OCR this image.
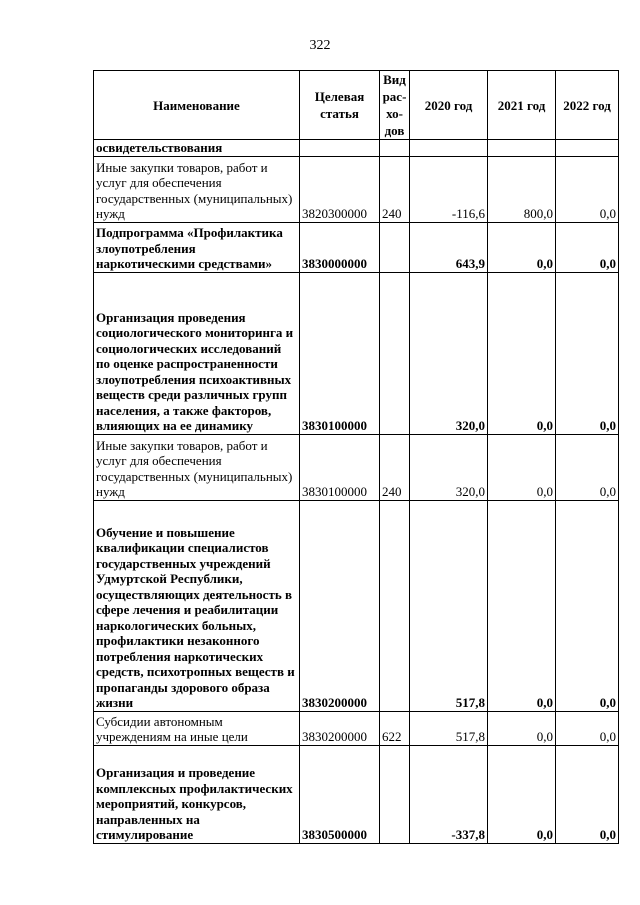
322
Наименование	Целевая статья	Вид рас-хо-дов	2020 год	2021 год	2022 год
освидетельствования					
Иные закупки товаров, работ и услуг для обеспечения государственных (муниципальных) нужд	3820300000	240	-116,6	800,0	0,0
Подпрограмма «Профилактика злоупотребления наркотическими средствами»	3830000000		643,9	0,0	0,0
Организация проведения социологического мониторинга и социологических исследований по оценке распространенности злоупотребления психоактивных веществ среди различных групп населения, а также факторов, влияющих на ее динамику	3830100000		320,0	0,0	0,0
Иные закупки товаров, работ и услуг для обеспечения государственных (муниципальных) нужд	3830100000	240	320,0	0,0	0,0
Обучение и повышение квалификации специалистов государственных учреждений Удмуртской Республики, осуществляющих деятельность в сфере лечения и реабилитации наркологических больных, профилактики незаконного потребления наркотических средств, психотропных веществ и пропаганды здорового образа жизни	3830200000		517,8	0,0	0,0
Субсидии автономным учреждениям на иные цели	3830200000	622	517,8	0,0	0,0
Организация и проведение комплексных профилактических мероприятий, конкурсов, направленных на стимулирование	3830500000		-337,8	0,0	0,0
